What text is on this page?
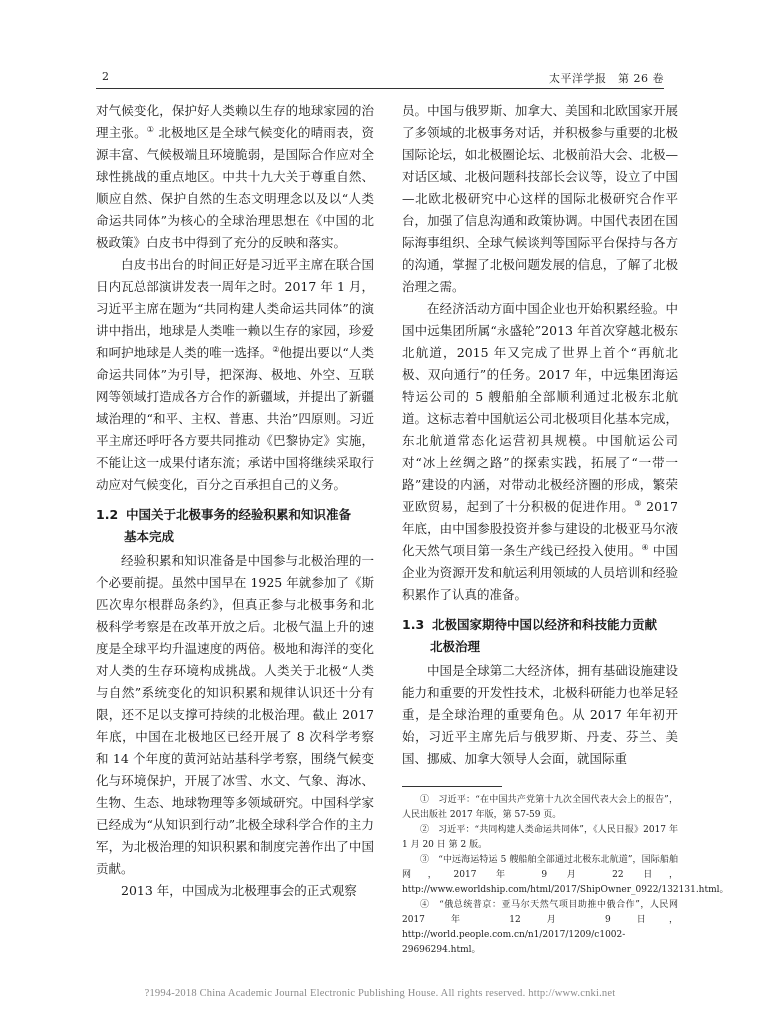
2	太平洋学报　第 26 卷

对气候变化，保护好人类赖以生存的地球家园的治理主张。① 北极地区是全球气候变化的晴雨表，资源丰富、气候极端且环境脆弱，是国际合作应对全球性挑战的重点地区。中共十九大关于尊重自然、顺应自然、保护自然的生态文明理念以及以“人类命运共同体”为核心的全球治理思想在《中国的北极政策》白皮书中得到了充分的反映和落实。

白皮书出台的时间正好是习近平主席在联合国日内瓦总部演讲发表一周年之时。2017 年 1 月，习近平主席在题为“共同构建人类命运共同体”的演讲中指出，地球是人类唯一赖以生存的家园，珍爱和呵护地球是人类的唯一选择。②他提出要以“人类命运共同体”为引导，把深海、极地、外空、互联网等领域打造成各方合作的新疆域，并提出了新疆域治理的“和平、主权、普惠、共治”四原则。习近平主席还呼吁各方要共同推动《巴黎协定》实施，不能让这一成果付诸东流；承诺中国将继续采取行动应对气候变化，百分之百承担自己的义务。

1.2 中国关于北极事务的经验积累和知识准备
基本完成

经验积累和知识准备是中国参与北极治理的一个必要前提。虽然中国早在 1925 年就参加了《斯匹次卑尔根群岛条约》，但真正参与北极事务和北极科学考察是在改革开放之后。北极气温上升的速度是全球平均升温速度的两倍。极地和海洋的变化对人类的生存环境构成挑战。人类关于北极“人类与自然”系统变化的知识积累和规律认识还十分有限，还不足以支撑可持续的北极治理。截止 2017 年底，中国在北极地区已经开展了 8 次科学考察和 14 个年度的黄河站站基科学考察，围绕气候变化与环境保护，开展了冰雪、水文、气象、海冰、生物、生态、地球物理等多领域研究。中国科学家已经成为“从知识到行动”北极全球科学合作的主力军，为北极治理的知识积累和制度完善作出了中国贡献。

2013 年，中国成为北极理事会的正式观察

员。中国与俄罗斯、加拿大、美国和北欧国家开展了多领域的北极事务对话，并积极参与重要的北极国际论坛，如北极圈论坛、北极前沿大会、北极—对话区域、北极问题科技部长会议等，设立了中国—北欧北极研究中心这样的国际北极研究合作平台，加强了信息沟通和政策协调。中国代表团在国际海事组织、全球气候谈判等国际平台保持与各方的沟通，掌握了北极问题发展的信息，了解了北极治理之需。

在经济活动方面中国企业也开始积累经验。中国中远集团所属“永盛轮”2013 年首次穿越北极东北航道，2015 年又完成了世界上首个“再航北极、双向通行”的任务。2017 年，中远集团海运特运公司的 5 艘船舶全部顺利通过北极东北航道。这标志着中国航运公司北极项目化基本完成，东北航道常态化运营初具规模。中国航运公司对“冰上丝绸之路”的探索实践，拓展了“一带一路”建设的内涵，对带动北极经济圈的形成，繁荣亚欧贸易，起到了十分积极的促进作用。③ 2017 年底，由中国参股投资并参与建设的北极亚马尔液化天然气项目第一条生产线已经投入使用。④ 中国企业为资源开发和航运利用领域的人员培训和经验积累作了认真的准备。

1.3 北极国家期待中国以经济和科技能力贡献
北极治理

中国是全球第二大经济体，拥有基础设施建设能力和重要的开发性技术，北极科研能力也举足轻重，是全球治理的重要角色。从 2017 年年初开始，习近平主席先后与俄罗斯、丹麦、芬兰、美国、挪威、加拿大领导人会面，就国际重

①　习近平：“在中国共产党第十九次全国代表大会上的报告”，人民出版社 2017 年版，第 57-59 页。

②　习近平：“共同构建人类命运共同体”，《人民日报》2017 年 1 月 20 日 第 2 版。

③　“中远海运特运 5 艘船舶全部通过北极东北航道”，国际船舶网，2017 年 9 月 22 日，http://www.eworldship.com/html/2017/ShipOwner_0922/132131.html。

④　“俄总统普京：亚马尔天然气项目助推中俄合作”，人民网 2017 年 12 月 9 日，http://world.people.com.cn/n1/2017/1209/c1002-29696294.html。

?1994-2018 China Academic Journal Electronic Publishing House. All rights reserved. http://www.cnki.net
